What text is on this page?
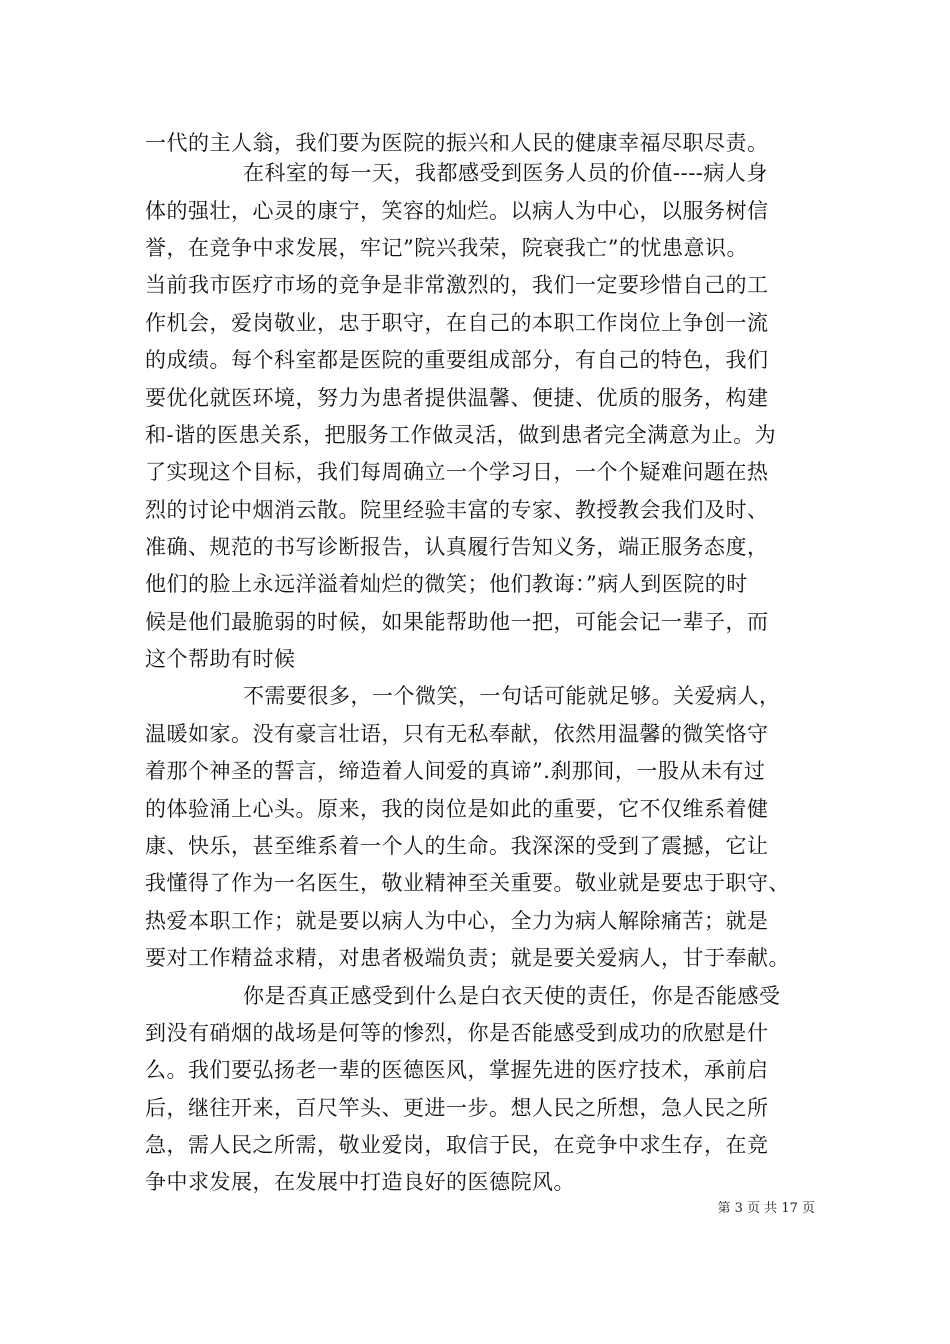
一代的主人翁，我们要为医院的振兴和人民的健康幸福尽职尽责。
在科室的每一天，我都感受到医务人员的价值----病人身
体的强壮，心灵的康宁，笑容的灿烂。以病人为中心，以服务树信
誉，在竞争中求发展，牢记”院兴我荣，院衰我亡”的忧患意识。
当前我市医疗市场的竞争是非常激烈的，我们一定要珍惜自己的工
作机会，爱岗敬业，忠于职守，在自己的本职工作岗位上争创一流
的成绩。每个科室都是医院的重要组成部分，有自己的特色，我们
要优化就医环境，努力为患者提供温馨、便捷、优质的服务，构建
和-谐的医患关系，把服务工作做灵活，做到患者完全满意为止。为
了实现这个目标，我们每周确立一个学习日，一个个疑难问题在热
烈的讨论中烟消云散。院里经验丰富的专家、教授教会我们及时、
准确、规范的书写诊断报告，认真履行告知义务，端正服务态度，
他们的脸上永远洋溢着灿烂的微笑；他们教诲：”病人到医院的时
候是他们最脆弱的时候，如果能帮助他一把，可能会记一辈子，而
这个帮助有时候
不需要很多，一个微笑，一句话可能就足够。关爱病人，
温暖如家。没有豪言壮语，只有无私奉献，依然用温馨的微笑恪守
着那个神圣的誓言，缔造着人间爱的真谛”.刹那间，一股从未有过
的体验涌上心头。原来，我的岗位是如此的重要，它不仅维系着健
康、快乐，甚至维系着一个人的生命。我深深的受到了震撼，它让
我懂得了作为一名医生，敬业精神至关重要。敬业就是要忠于职守、
热爱本职工作；就是要以病人为中心，全力为病人解除痛苦；就是
要对工作精益求精，对患者极端负责；就是要关爱病人，甘于奉献。
你是否真正感受到什么是白衣天使的责任，你是否能感受
到没有硝烟的战场是何等的惨烈，你是否能感受到成功的欣慰是什
么。我们要弘扬老一辈的医德医风，掌握先进的医疗技术，承前启
后，继往开来，百尺竿头、更进一步。想人民之所想，急人民之所
急，需人民之所需，敬业爱岗，取信于民，在竞争中求生存，在竞
争中求发展，在发展中打造良好的医德院风。
第 3 页 共 17 页
